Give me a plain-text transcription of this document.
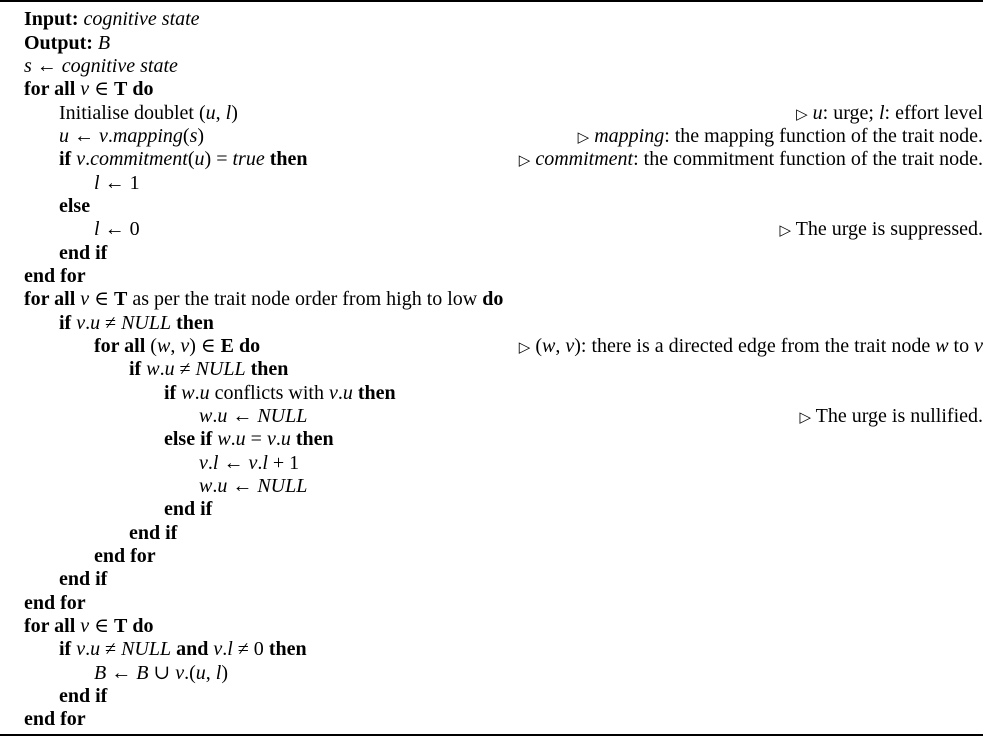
Input: cognitive state
Output: B
s ← cognitive state
for all v ∈ T do
Initialise doublet (u, l)	▷ u: urge; l: effort level
u ← v.mapping(s)	▷ mapping: the mapping function of the trait node.
if v.commitment(u) = true then	▷ commitment: the commitment function of the trait node.
l ← 1
else
l ← 0	▷ The urge is suppressed.
end if
end for
for all v ∈ T as per the trait node order from high to low do
if v.u ≠ NULL then
for all (w, v) ∈ E do	▷ (w, v): there is a directed edge from the trait node w to v
if w.u ≠ NULL then
if w.u conflicts with v.u then
w.u ← NULL	▷ The urge is nullified.
else if w.u = v.u then
v.l ← v.l + 1
w.u ← NULL
end if
end if
end for
end if
end for
for all v ∈ T do
if v.u ≠ NULL and v.l ≠ 0 then
B ← B ∪ v.(u, l)
end if
end for
